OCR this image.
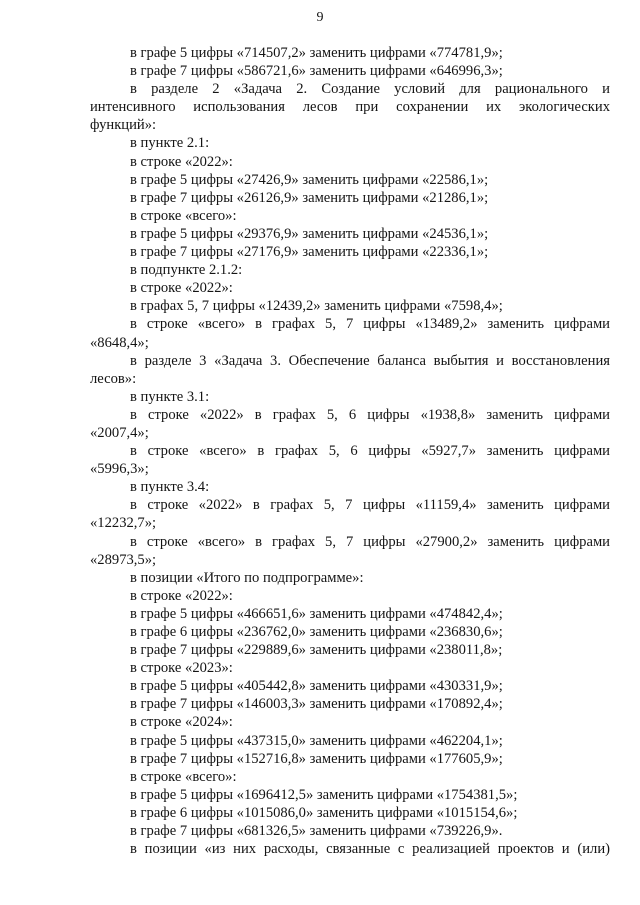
9
в графе 5 цифры «714507,2» заменить цифрами «774781,9»;
в графе 7 цифры «586721,6» заменить цифрами «646996,3»;
в разделе 2 «Задача 2. Создание условий для рационального и
интенсивного использования лесов при сохранении их экологических
функций»:
в пункте 2.1:
в строке «2022»:
в графе 5 цифры «27426,9» заменить цифрами «22586,1»;
в графе 7 цифры «26126,9» заменить цифрами «21286,1»;
в строке «всего»:
в графе 5 цифры «29376,9» заменить цифрами «24536,1»;
в графе 7 цифры «27176,9» заменить цифрами «22336,1»;
в подпункте 2.1.2:
в строке «2022»:
в графах 5, 7 цифры «12439,2» заменить цифрами «7598,4»;
в строке «всего» в графах 5, 7 цифры «13489,2» заменить цифрами
«8648,4»;
в разделе 3 «Задача 3. Обеспечение баланса выбытия и восстановления
лесов»:
в пункте 3.1:
в строке «2022» в графах 5, 6 цифры «1938,8» заменить цифрами
«2007,4»;
в строке «всего» в графах 5, 6 цифры «5927,7» заменить цифрами
«5996,3»;
в пункте 3.4:
в строке «2022» в графах 5, 7 цифры «11159,4» заменить цифрами
«12232,7»;
в строке «всего» в графах 5, 7 цифры «27900,2» заменить цифрами
«28973,5»;
в позиции «Итого по подпрограмме»:
в строке «2022»:
в графе 5 цифры «466651,6» заменить цифрами «474842,4»;
в графе 6 цифры «236762,0» заменить цифрами «236830,6»;
в графе 7 цифры «229889,6» заменить цифрами «238011,8»;
в строке «2023»:
в графе 5 цифры «405442,8» заменить цифрами «430331,9»;
в графе 7 цифры «146003,3» заменить цифрами «170892,4»;
в строке «2024»:
в графе 5 цифры «437315,0» заменить цифрами «462204,1»;
в графе 7 цифры «152716,8» заменить цифрами «177605,9»;
в строке «всего»:
в графе 5 цифры «1696412,5» заменить цифрами «1754381,5»;
в графе 6 цифры «1015086,0» заменить цифрами «1015154,6»;
в графе 7 цифры «681326,5» заменить цифрами «739226,9».
в позиции «из них расходы, связанные с реализацией проектов и (или)
